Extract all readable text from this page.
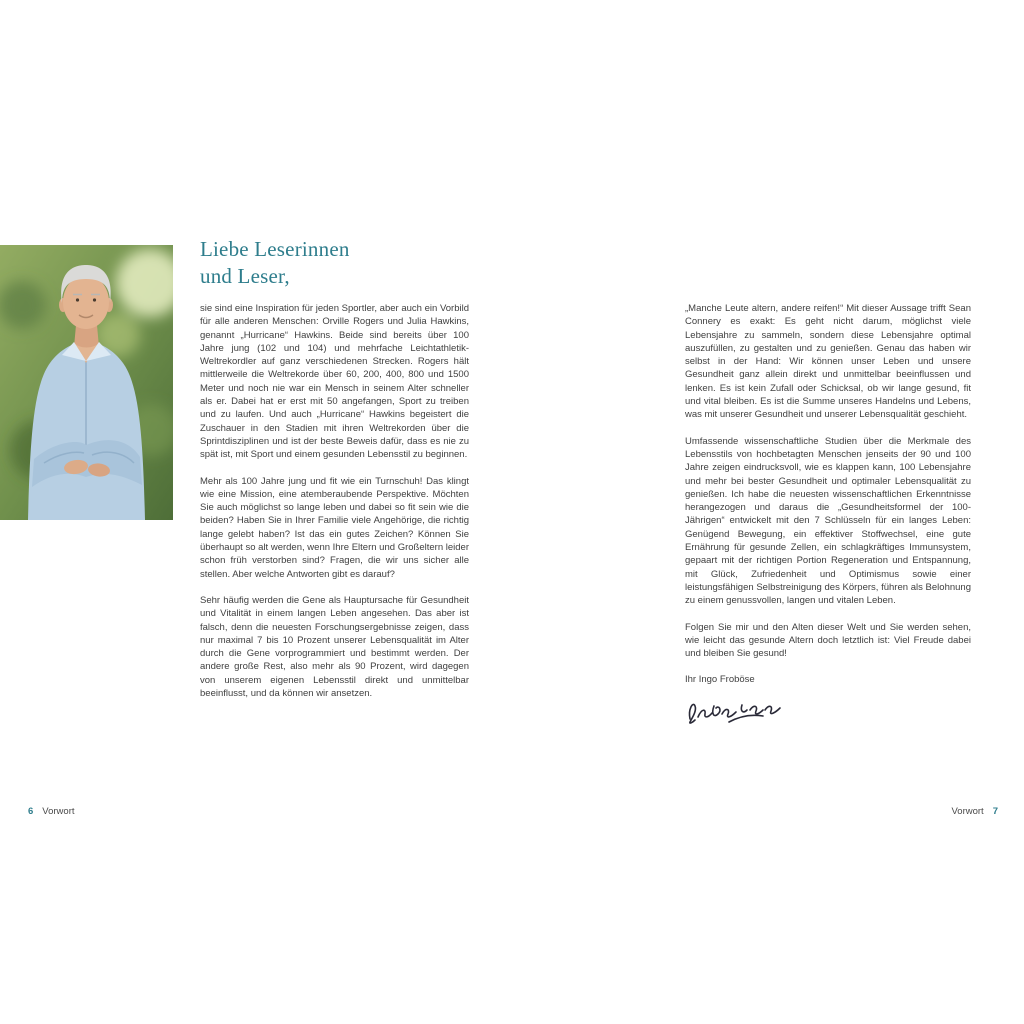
Liebe Leserinnen
und Leser,

sie sind eine Inspiration für jeden Sportler, aber auch ein Vorbild für alle anderen Menschen: Orville Rogers und Julia Hawkins, genannt „Hurricane“ Hawkins. Beide sind bereits über 100 Jahre jung (102 und 104) und mehrfache Leichtathletik-Weltrekordler auf ganz verschiedenen Strecken. Rogers hält mittlerweile die Weltrekorde über 60, 200, 400, 800 und 1500 Meter und noch nie war ein Mensch in seinem Alter schneller als er. Dabei hat er erst mit 50 angefangen, Sport zu treiben und zu laufen. Und auch „Hurricane“ Hawkins begeistert die Zuschauer in den Stadien mit ihren Weltrekorden über die Sprintdisziplinen und ist der beste Beweis dafür, dass es nie zu spät ist, mit Sport und einem gesunden Lebensstil zu beginnen.

Mehr als 100 Jahre jung und fit wie ein Turnschuh! Das klingt wie eine Mission, eine atemberaubende Perspektive. Möchten Sie auch möglichst so lange leben und dabei so fit sein wie die beiden? Haben Sie in Ihrer Familie viele Angehörige, die richtig lange gelebt haben? Ist das ein gutes Zeichen? Können Sie überhaupt so alt werden, wenn Ihre Eltern und Großeltern leider schon früh verstorben sind? Fragen, die wir uns sicher alle stellen. Aber welche Antworten gibt es darauf?

Sehr häufig werden die Gene als Hauptursache für Gesundheit und Vitalität in einem langen Leben angesehen. Das aber ist falsch, denn die neuesten Forschungsergebnisse zeigen, dass nur maximal 7 bis 10 Prozent unserer Lebensqualität im Alter durch die Gene vorprogrammiert und bestimmt werden. Der andere große Rest, also mehr als 90 Prozent, wird dagegen von unserem eigenen Lebensstil direkt und unmittelbar beeinflusst, und da können wir ansetzen.

„Manche Leute altern, andere reifen!“ Mit dieser Aussage trifft Sean Connery es exakt: Es geht nicht darum, möglichst viele Lebensjahre zu sammeln, sondern diese Lebensjahre optimal auszufüllen, zu gestalten und zu genießen. Genau das haben wir selbst in der Hand: Wir können unser Leben und unsere Gesundheit ganz allein direkt und unmittelbar beeinflussen und lenken. Es ist kein Zufall oder Schicksal, ob wir lange gesund, fit und vital bleiben. Es ist die Summe unseres Handelns und Lebens, was mit unserer Gesundheit und unserer Lebensqualität geschieht.

Umfassende wissenschaftliche Studien über die Merkmale des Lebensstils von hochbetagten Menschen jenseits der 90 und 100 Jahre zeigen eindrucksvoll, wie es klappen kann, 100 Lebensjahre und mehr bei bester Gesundheit und optimaler Lebensqualität zu genießen. Ich habe die neuesten wissenschaftlichen Erkenntnisse herangezogen und daraus die „Gesundheitsformel der 100-Jährigen“ entwickelt mit den 7 Schlüsseln für ein langes Leben: Genügend Bewegung, ein effektiver Stoffwechsel, eine gute Ernährung für gesunde Zellen, ein schlagkräftiges Immunsystem, gepaart mit der richtigen Portion Regeneration und Entspannung, mit Glück, Zufriedenheit und Optimismus sowie einer leistungsfähigen Selbstreinigung des Körpers, führen als Belohnung zu einem genussvollen, langen und vitalen Leben.

Folgen Sie mir und den Alten dieser Welt und Sie werden sehen, wie leicht das gesunde Altern doch letztlich ist: Viel Freude dabei und bleiben Sie gesund!

Ihr Ingo Froböse

6 Vorwort	Vorwort 7
